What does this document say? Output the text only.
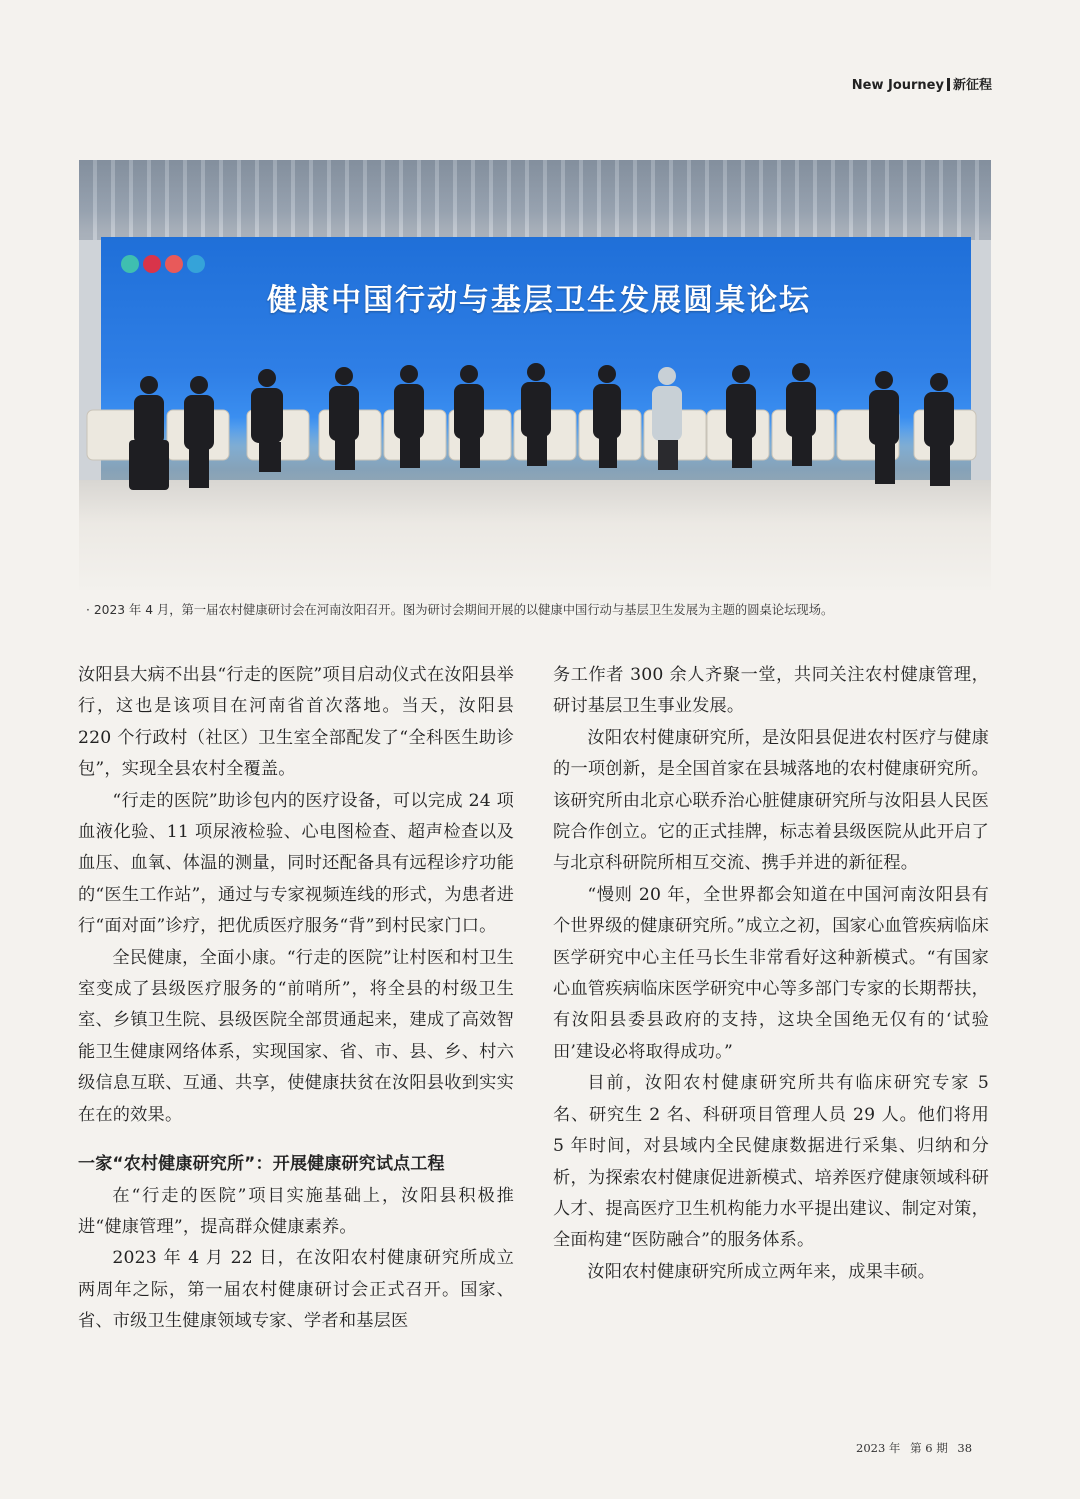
New Journey 新征程
健康中国行动与基层卫生发展圆桌论坛
· 2023 年 4 月，第一届农村健康研讨会在河南汝阳召开。图为研讨会期间开展的以健康中国行动与基层卫生发展为主题的圆桌论坛现场。

汝阳县大病不出县“行走的医院”项目启动仪式在汝阳县举行，这也是该项目在河南省首次落地。当天，汝阳县 220 个行政村（社区）卫生室全部配发了“全科医生助诊包”，实现全县农村全覆盖。

“行走的医院”助诊包内的医疗设备，可以完成 24 项血液化验、11 项尿液检验、心电图检查、超声检查以及血压、血氧、体温的测量，同时还配备具有远程诊疗功能的“医生工作站”，通过与专家视频连线的形式，为患者进行“面对面”诊疗，把优质医疗服务“背”到村民家门口。

全民健康，全面小康。“行走的医院”让村医和村卫生室变成了县级医疗服务的“前哨所”，将全县的村级卫生室、乡镇卫生院、县级医院全部贯通起来，建成了高效智能卫生健康网络体系，实现国家、省、市、县、乡、村六级信息互联、互通、共享，使健康扶贫在汝阳县收到实实在在的效果。

一家“农村健康研究所”：开展健康研究试点工程

在“行走的医院”项目实施基础上，汝阳县积极推进“健康管理”，提高群众健康素养。

2023 年 4 月 22 日，在汝阳农村健康研究所成立两周年之际，第一届农村健康研讨会正式召开。国家、省、市级卫生健康领域专家、学者和基层医

务工作者 300 余人齐聚一堂，共同关注农村健康管理，研讨基层卫生事业发展。

汝阳农村健康研究所，是汝阳县促进农村医疗与健康的一项创新，是全国首家在县城落地的农村健康研究所。该研究所由北京心联乔治心脏健康研究所与汝阳县人民医院合作创立。它的正式挂牌，标志着县级医院从此开启了与北京科研院所相互交流、携手并进的新征程。

“慢则 20 年，全世界都会知道在中国河南汝阳县有个世界级的健康研究所。”成立之初，国家心血管疾病临床医学研究中心主任马长生非常看好这种新模式。“有国家心血管疾病临床医学研究中心等多部门专家的长期帮扶，有汝阳县委县政府的支持，这块全国绝无仅有的‘试验田’建设必将取得成功。”

目前，汝阳农村健康研究所共有临床研究专家 5 名、研究生 2 名、科研项目管理人员 29 人。他们将用 5 年时间，对县域内全民健康数据进行采集、归纳和分析，为探索农村健康促进新模式、培养医疗健康领域科研人才、提高医疗卫生机构能力水平提出建议、制定对策，全面构建“医防融合”的服务体系。

汝阳农村健康研究所成立两年来，成果丰硕。

2023 年 第 6 期 38
